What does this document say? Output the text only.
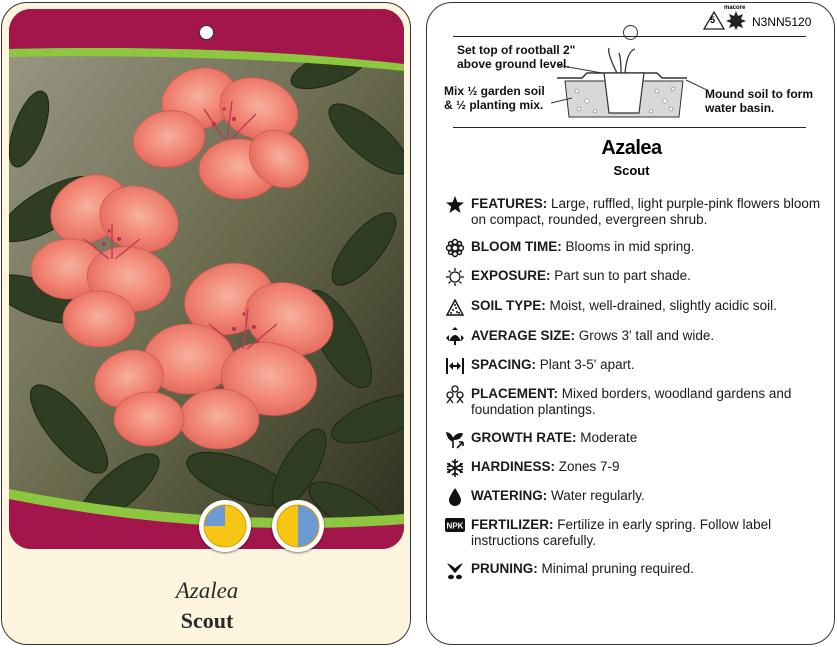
Azalea
Scout
5
macore
N3NN5120
Set top of rootball 2" above ground level.
Mix ½ garden soil & ½ planting mix.
Mound soil to form water basin.
Azalea
Scout
FEATURES: Large, ruffled, light purple-pink flowers bloom on compact, rounded, evergreen shrub.
BLOOM TIME: Blooms in mid spring.
EXPOSURE: Part sun to part shade.
SOIL TYPE: Moist, well-drained, slightly acidic soil.
AVERAGE SIZE: Grows 3' tall and wide.
SPACING: Plant 3-5' apart.
PLACEMENT: Mixed borders, woodland gardens and foundation plantings.
GROWTH RATE: Moderate
HARDINESS: Zones 7-9
WATERING: Water regularly.
NPK FERTILIZER: Fertilize in early spring. Follow label instructions carefully.
PRUNING: Minimal pruning required.
